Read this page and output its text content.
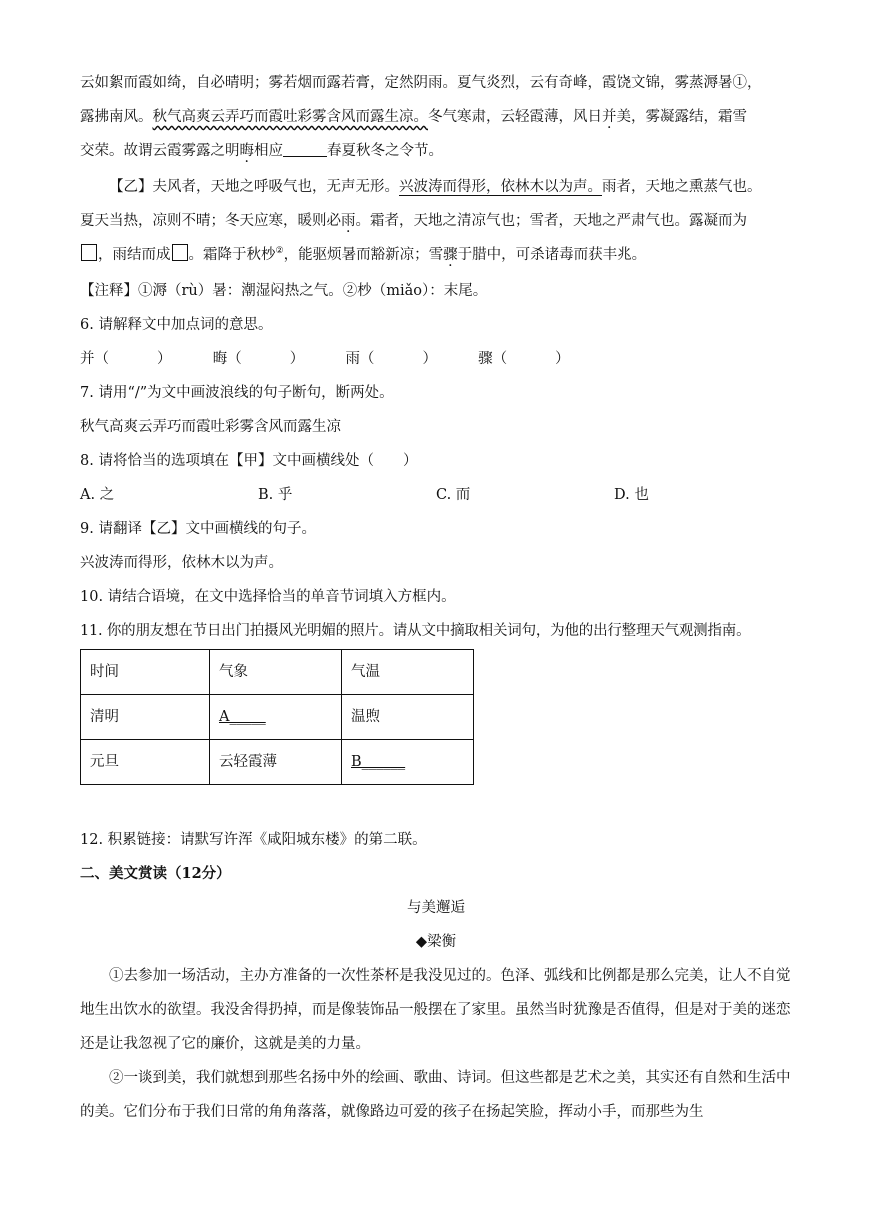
云如絮而霞如绮，自必晴明；雾若烟而露若膏，定然阴雨。夏气炎烈，云有奇峰，霞饶文锦，雾蒸溽暑①，
露拂南风。秋气高爽云弄巧而霞吐彩雾含风而露生凉。冬气寒肃，云轻霞薄，风日并美，雾凝露结，霜雪
交荣。故谓云霞雾露之明晦相应	春夏秋冬之令节。

【乙】夫风者，天地之呼吸气也，无声无形。兴波涛而得形，依林木以为声。雨者，天地之熏蒸气也。

夏天当热，凉则不晴；冬天应寒，暖则必雨。霜者，天地之清凉气也；雪者，天地之严肃气也。露凝而为
，雨结而成 。霜降于秋杪②，能驱烦暑而豁新凉；雪骤于腊中，可杀诸毒而获丰兆。

【注释】①溽（rù）暑：潮湿闷热之气。②杪（miǎo）：末尾。

6. 请解释文中加点词的意思。

并（	）	晦（	）	雨（	）	骤（	）

7. 请用“/”为文中画波浪线的句子断句，断两处。

秋气高爽云弄巧而霞吐彩雾含风而露生凉

8. 请将恰当的选项填在【甲】文中画横线处（　　）

A. 之	B. 乎	C. 而	D. 也

9. 请翻译【乙】文中画横线的句子。

兴波涛而得形，依林木以为声。

10. 请结合语境，在文中选择恰当的单音节词填入方框内。

11. 你的朋友想在节日出门拍摄风光明媚的照片。请从文中摘取相关词句，为他的出行整理天气观测指南。

时间	气象	气温
清明	A_____	温煦
元旦	云轻霞薄	B______

12. 积累链接：请默写许浑《咸阳城东楼》的第二联。

二、美文赏读（12分）

与美邂逅

◆梁衡

①去参加一场活动，主办方准备的一次性茶杯是我没见过的。色泽、弧线和比例都是那么完美，让人不自觉地生出饮水的欲望。我没舍得扔掉，而是像装饰品一般摆在了家里。虽然当时犹豫是否值得，但是对于美的迷恋还是让我忽视了它的廉价，这就是美的力量。

②一谈到美，我们就想到那些名扬中外的绘画、歌曲、诗词。但这些都是艺术之美，其实还有自然和生活中的美。它们分布于我们日常的角角落落，就像路边可爱的孩子在扬起笑脸，挥动小手，而那些为生
